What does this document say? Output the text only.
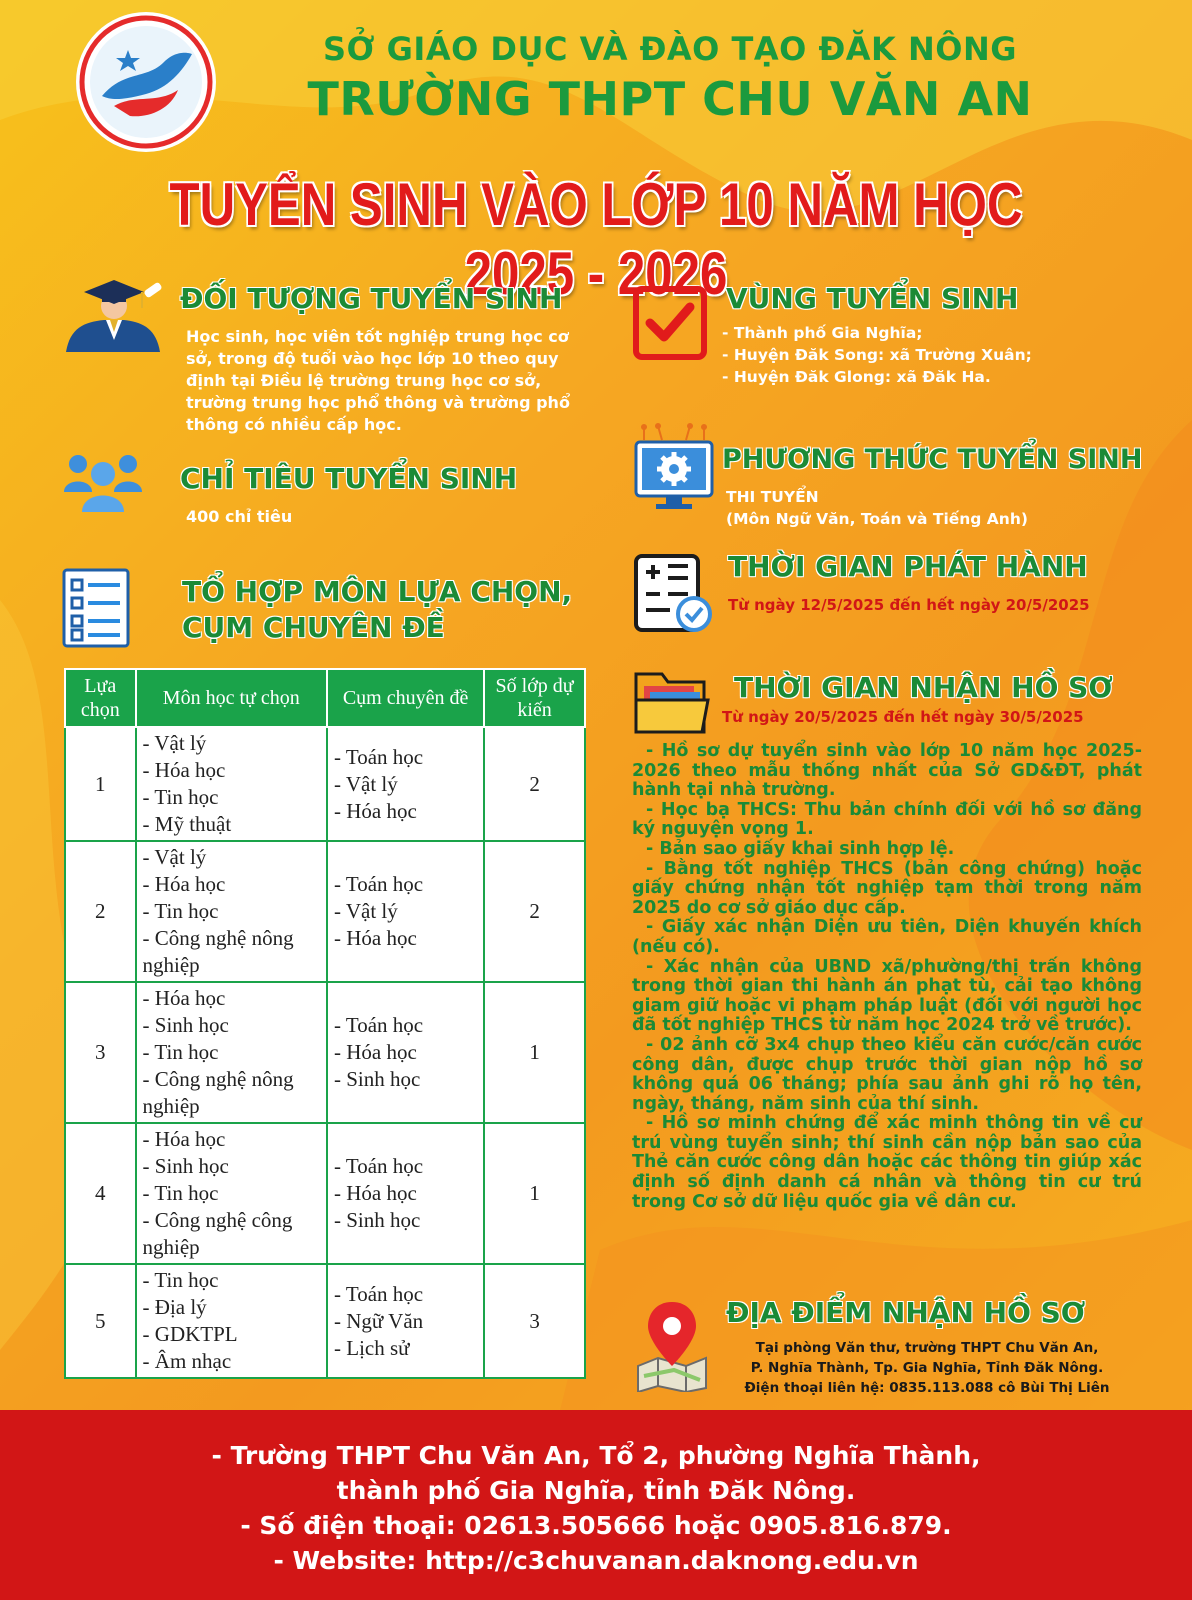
SỞ GIÁO DỤC VÀ ĐÀO TẠO ĐĂK NÔNG
TRƯỜNG THPT CHU VĂN AN
TUYỂN SINH VÀO LỚP 10 NĂM HỌC 2025 - 2026
ĐỐI TƯỢNG TUYỂN SINH
Học sinh, học viên tốt nghiệp trung học cơ
sở, trong độ tuổi vào học lớp 10 theo quy
định tại Điều lệ trường trung học cơ sở,
trường trung học phổ thông và trường phổ
thông có nhiều cấp học.
CHỈ TIÊU TUYỂN SINH
400 chỉ tiêu
TỔ HỢP MÔN LỰA CHỌN,
CỤM CHUYÊN ĐỀ
Lựa chọn	Môn học tự chọn	Cụm chuyên đề	Số lớp dự kiến
1	- Vật lý
- Hóa học
- Tin học
- Mỹ thuật	- Toán học
- Vật lý
- Hóa học	2
2	- Vật lý
- Hóa học
- Tin học
- Công nghệ nông nghiệp	- Toán học
- Vật lý
- Hóa học	2
3	- Hóa học
- Sinh học
- Tin học
- Công nghệ nông nghiệp	- Toán học
- Hóa học
- Sinh học	1
4	- Hóa học
- Sinh học
- Tin học
- Công nghệ công nghiệp	- Toán học
- Hóa học
- Sinh học	1
5	- Tin học
- Địa lý
- GDKTPL
- Âm nhạc	- Toán học
- Ngữ Văn
- Lịch sử	3
VÙNG TUYỂN SINH
- Thành phố Gia Nghĩa;
- Huyện Đăk Song: xã Trường Xuân;
- Huyện Đăk Glong: xã Đăk Ha.
PHƯƠNG THỨC TUYỂN SINH
THI TUYỂN
(Môn Ngữ Văn, Toán và Tiếng Anh)
THỜI GIAN PHÁT HÀNH
Từ ngày 12/5/2025 đến hết ngày 20/5/2025
THỜI GIAN NHẬN HỒ SƠ
Từ ngày 20/5/2025 đến hết ngày 30/5/2025

- Hồ sơ dự tuyển sinh vào lớp 10 năm học 2025-2026 theo mẫu thống nhất của Sở GD&ĐT, phát hành tại nhà trường.

- Học bạ THCS: Thu bản chính đối với hồ sơ đăng ký nguyện vọng 1.

- Bản sao giấy khai sinh hợp lệ.

- Bằng tốt nghiệp THCS (bản công chứng) hoặc giấy chứng nhận tốt nghiệp tạm thời trong năm 2025 do cơ sở giáo dục cấp.

- Giấy xác nhận Diện ưu tiên, Diện khuyến khích (nếu có).

- Xác nhận của UBND xã/phường/thị trấn không trong thời gian thi hành án phạt tù, cải tạo không giam giữ hoặc vi phạm pháp luật (đối với người học đã tốt nghiệp THCS từ năm học 2024 trở về trước).

- 02 ảnh cỡ 3x4 chụp theo kiểu căn cước/căn cước công dân, được chụp trước thời gian nộp hồ sơ không quá 06 tháng; phía sau ảnh ghi rõ họ tên, ngày, tháng, năm sinh của thí sinh.

- Hồ sơ minh chứng để xác minh thông tin về cư trú vùng tuyển sinh; thí sinh cần nộp bản sao của Thẻ căn cước công dân hoặc các thông tin giúp xác định số định danh cá nhân và thông tin cư trú trong Cơ sở dữ liệu quốc gia về dân cư.

ĐỊA ĐIỂM NHẬN HỒ SƠ
Tại phòng Văn thư, trường THPT Chu Văn An,
P. Nghĩa Thành, Tp. Gia Nghĩa, Tỉnh Đăk Nông.
Điện thoại liên hệ: 0835.113.088 cô Bùi Thị Liên

- Trường THPT Chu Văn An, Tổ 2, phường Nghĩa Thành,

thành phố Gia Nghĩa, tỉnh Đăk Nông.

- Số điện thoại: 02613.505666 hoặc 0905.816.879.

- Website: http://c3chuvanan.daknong.edu.vn
